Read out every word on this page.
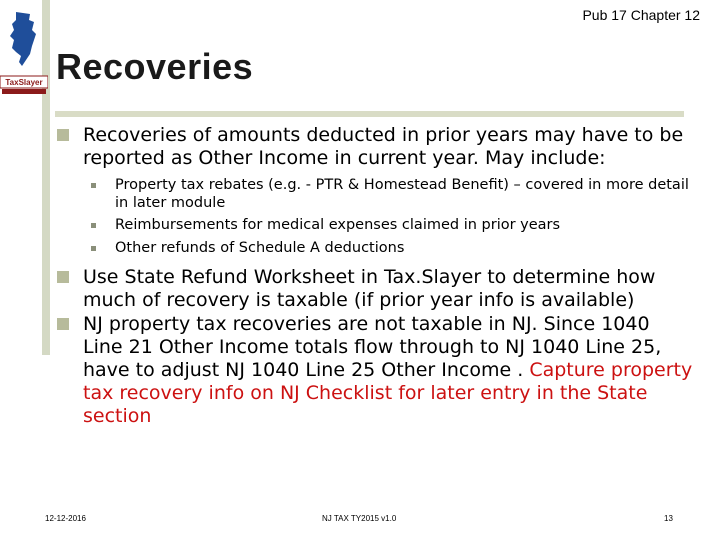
TaxSlayer
Pub 17 Chapter 12
Recoveries

Recoveries of amounts deducted in prior years may have to be reported as Other Income in current year. May include:

Property tax rebates (e.g. - PTR & Homestead Benefit) – covered in more detail in later module

Reimbursements for medical expenses claimed in prior years

Other refunds of Schedule A deductions

Use State Refund Worksheet in Tax.Slayer to determine how much of recovery is taxable (if prior year info is available)

NJ property tax recoveries are not taxable in NJ. Since 1040 Line 21 Other Income totals flow through to NJ 1040 Line 25, have to adjust NJ 1040 Line 25 Other Income . Capture property tax recovery info on NJ Checklist for later entry in the State section

12-12-2016	NJ TAX TY2015 v1.0	13
